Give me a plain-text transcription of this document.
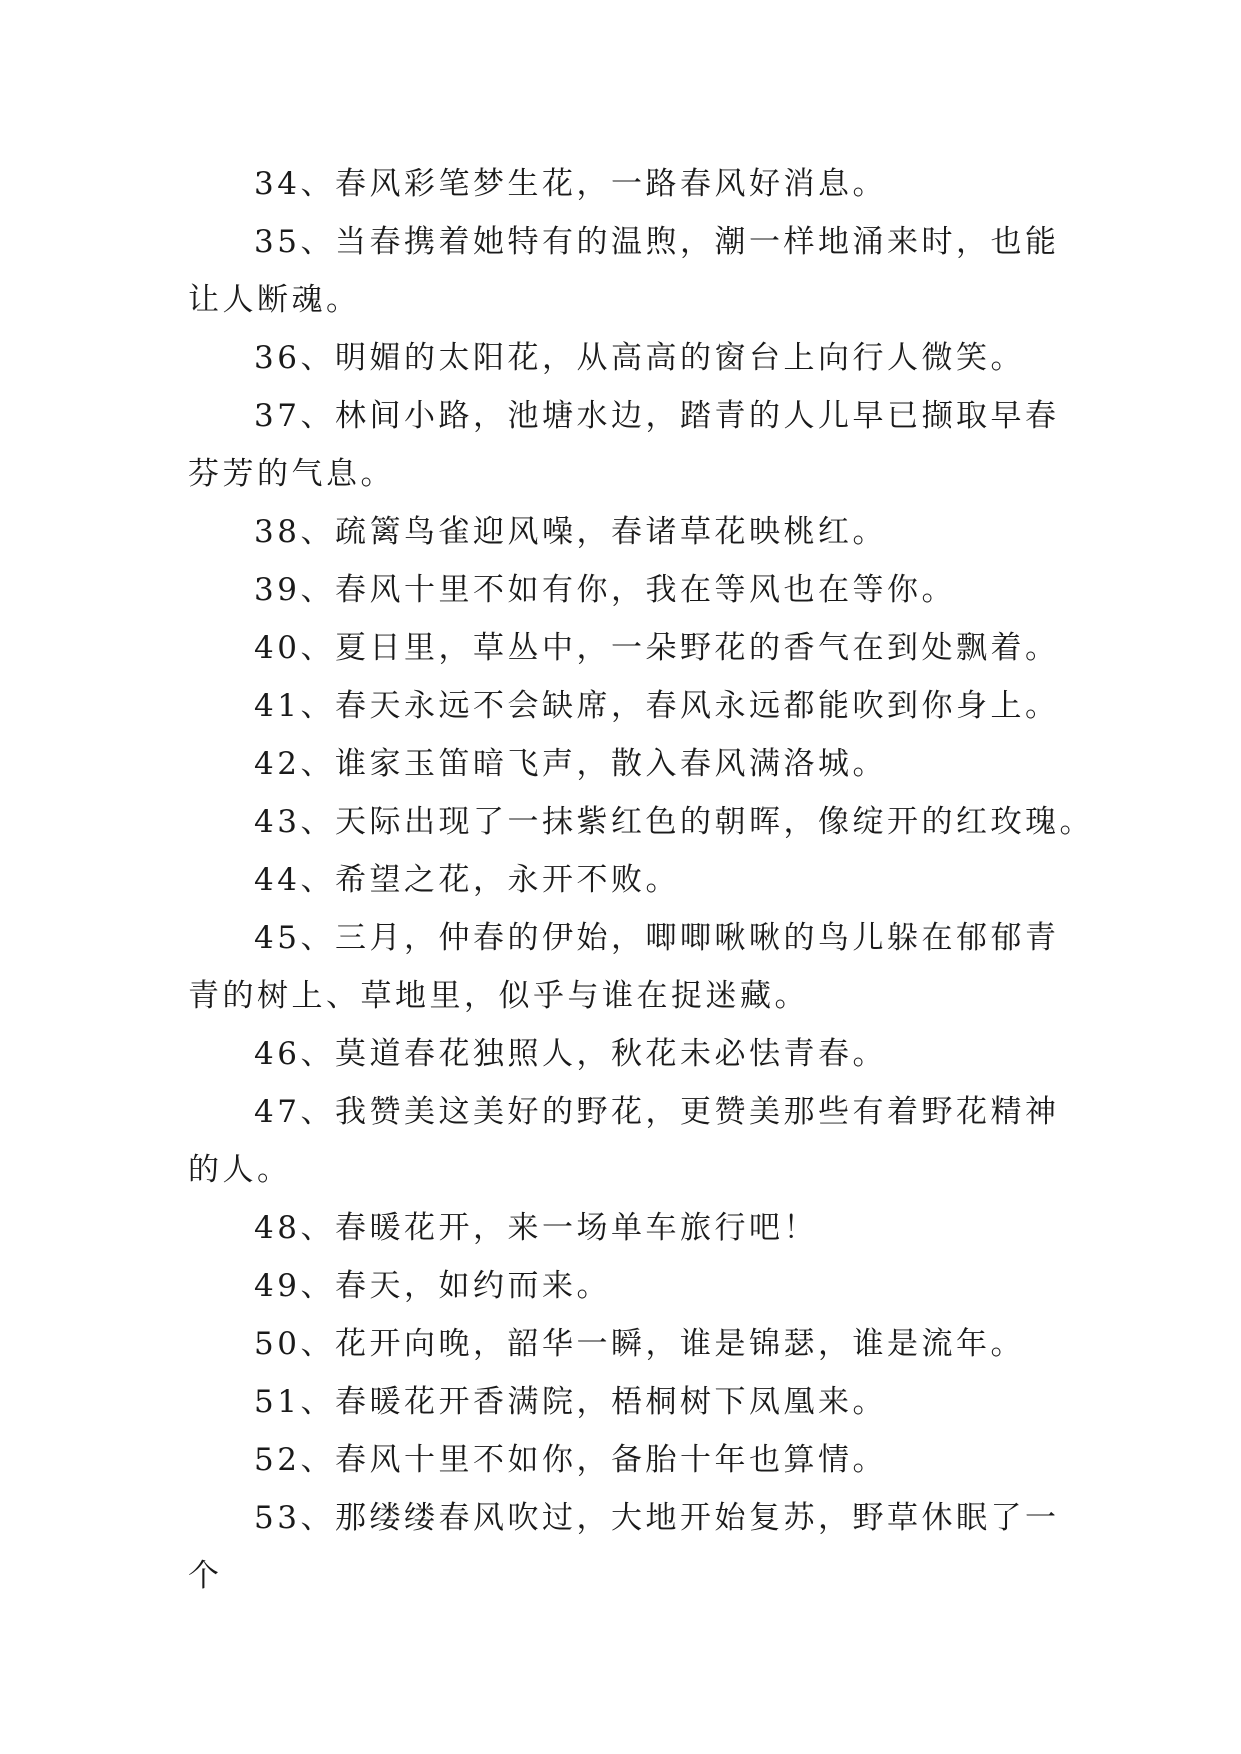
34、春风彩笔梦生花，一路春风好消息。

35、当春携着她特有的温煦，潮一样地涌来时，也能让人断魂。

36、明媚的太阳花，从高高的窗台上向行人微笑。

37、林间小路，池塘水边，踏青的人儿早已撷取早春芬芳的气息。

38、疏篱鸟雀迎风噪，春诸草花映桃红。

39、春风十里不如有你，我在等风也在等你。

40、夏日里，草丛中，一朵野花的香气在到处飘着。

41、春天永远不会缺席，春风永远都能吹到你身上。

42、谁家玉笛暗飞声，散入春风满洛城。

43、天际出现了一抹紫红色的朝晖，像绽开的红玫瑰。

44、希望之花，永开不败。

45、三月，仲春的伊始，唧唧啾啾的鸟儿躲在郁郁青青的树上、草地里，似乎与谁在捉迷藏。

46、莫道春花独照人，秋花未必怯青春。

47、我赞美这美好的野花，更赞美那些有着野花精神的人。

48、春暖花开，来一场单车旅行吧！

49、春天，如约而来。

50、花开向晚，韶华一瞬，谁是锦瑟，谁是流年。

51、春暖花开香满院，梧桐树下凤凰来。

52、春风十里不如你，备胎十年也算情。

53、那缕缕春风吹过，大地开始复苏，野草休眠了一个
